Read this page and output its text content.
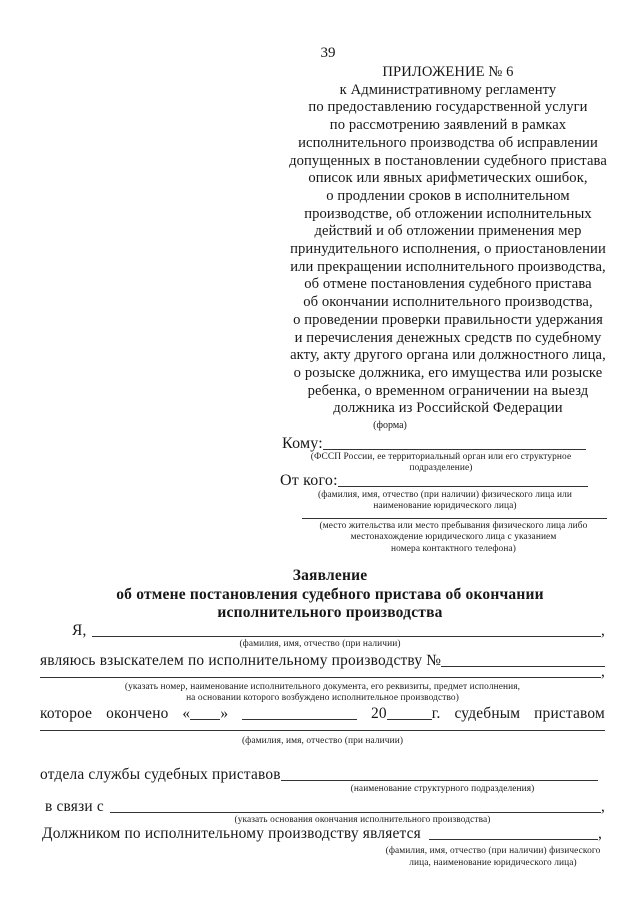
39
ПРИЛОЖЕНИЕ № 6
к Административному регламенту
по предоставлению государственной услуги
по рассмотрению заявлений в рамках
исполнительного производства об исправлении
допущенных в постановлении судебного пристава
описок или явных арифметических ошибок,
о продлении сроков в исполнительном
производстве, об отложении исполнительных
действий и об отложении применения мер
принудительного исполнения, о приостановлении
или прекращении исполнительного производства,
об отмене постановления судебного пристава
об окончании исполнительного производства,
о проведении проверки правильности удержания
и перечисления денежных средств по судебному
акту, акту другого органа или должностного лица,
о розыске должника, его имущества или розыске
ребенка, о временном ограничении на выезд
должника из Российской Федерации
(форма)
Кому:
(ФССП России, ее территориальный орган или его структурное
подразделение)
От кого:
(фамилия, имя, отчество (при наличии) физического лица или
наименование юридического лица)
(место жительства или место пребывания физического лица либо
местонахождение юридического лица с указанием
номера контактного телефона)
Заявление
об отмене постановления судебного пристава об окончании
исполнительного производства
Я,	,
(фамилия, имя, отчество (при наличии)
являюсь взыскателем по исполнительному производству №
,
(указать номер, наименование исполнительного документа, его реквизиты, предмет исполнения,
на основании которого возбуждено исполнительное производство)
которое окончено « »	20	г. судебным приставом
(фамилия, имя, отчество (при наличии)
отдела службы судебных приставов
(наименование структурного подразделения)
в связи с	,
(указать основания окончания исполнительного производства)
Должником по исполнительному производству является	,
(фамилия, имя, отчество (при наличии) физического
лица, наименование юридического лица)
